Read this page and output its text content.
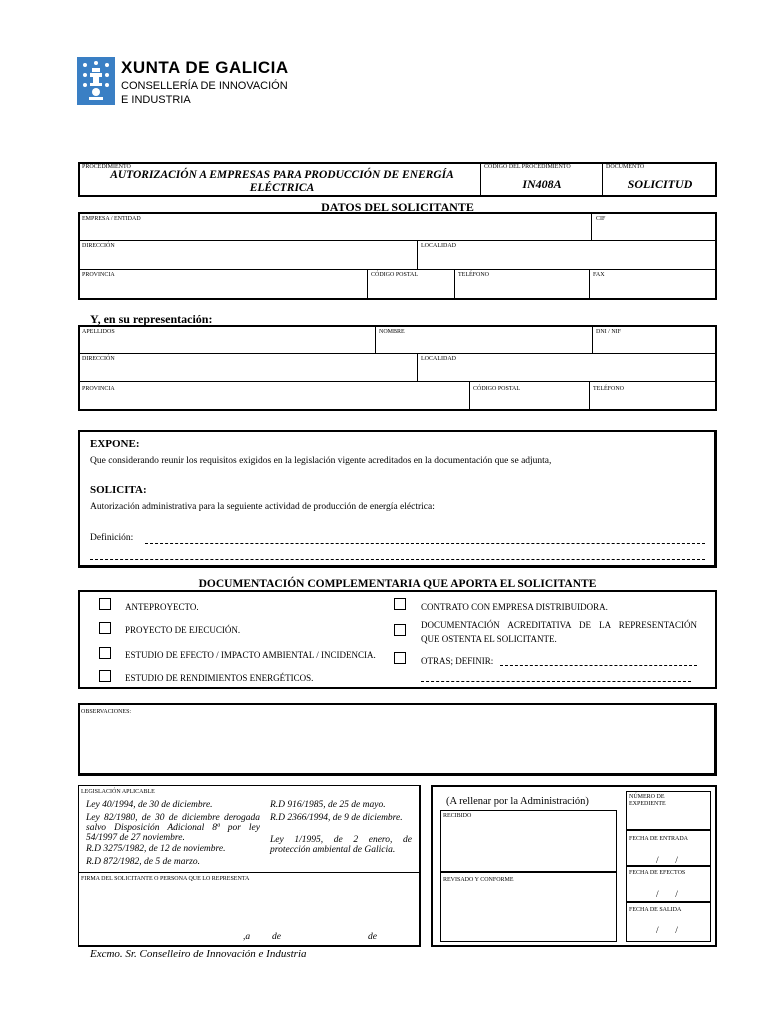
XUNTA DE GALICIA
CONSELLERÍA DE INNOVACIÓN
E INDUSTRIA
PROCEDIMIENTO
AUTORIZACIÓN A EMPRESAS PARA PRODUCCIÓN DE ENERGÍA
ELÉCTRICA
CÓDIGO DEL PROCEDIMIENTO
IN408A
DOCUMENTO
SOLICITUD
DATOS DEL SOLICITANTE
EMPRESA / ENTIDAD	CIF
DIRECCIÓN	LOCALIDAD
PROVINCIA	CÓDIGO POSTAL	TELÉFONO	FAX
Y, en su representación:
APELLIDOS	NOMBRE	DNI / NIF
DIRECCIÓN	LOCALIDAD
PROVINCIA	CÓDIGO POSTAL	TELÉFONO
EXPONE:
Que considerando reunir los requisitos exigidos en la legislación vigente acreditados en la documentación que se adjunta,
SOLICITA:
Autorización administrativa para la seguiente actividad de producción de energía eléctrica:
Definición:
DOCUMENTACIÓN COMPLEMENTARIA QUE APORTA EL SOLICITANTE
ANTEPROYECTO.
PROYECTO DE EJECUCIÓN.
ESTUDIO DE EFECTO / IMPACTO AMBIENTAL / INCIDENCIA.
ESTUDIO DE RENDIMIENTOS ENERGÉTICOS.
CONTRATO CON EMPRESA DISTRIBUIDORA.
DOCUMENTACIÓN ACREDITATIVA DE LA REPRESENTACIÓN
QUE OSTENTA EL SOLICITANTE.
OTRAS; DEFINIR:
OBSERVACIONES:
LEGISLACIÓN APLICABLE
Ley 40/1994, de 30 de diciembre.
Ley 82/1980, de 30 de diciembre derogada salvo Disposición Adicional 8ª por ley 54/1997 de 27 noviembre.
R.D 3275/1982, de 12 de noviembre.
R.D 872/1982, de 5 de marzo.
R.D 916/1985, de 25 de mayo.
R.D 2366/1994, de 9 de diciembre.
Ley 1/1995, de 2 enero, de protección ambiental de Galicia.
FIRMA DEL SOLICITANTE O PERSONA QUE LO REPRESENTA
,a de	de
(A rellenar por la Administración)
RECIBIDO
REVISADO Y CONFORME
NÚMERO DE EXPEDIENTE
FECHA DE ENTRADA
/       /
FECHA DE EFECTOS
/       /
FECHA DE SALIDA
/       /
Excmo. Sr. Conselleiro de Innovación e Industria
